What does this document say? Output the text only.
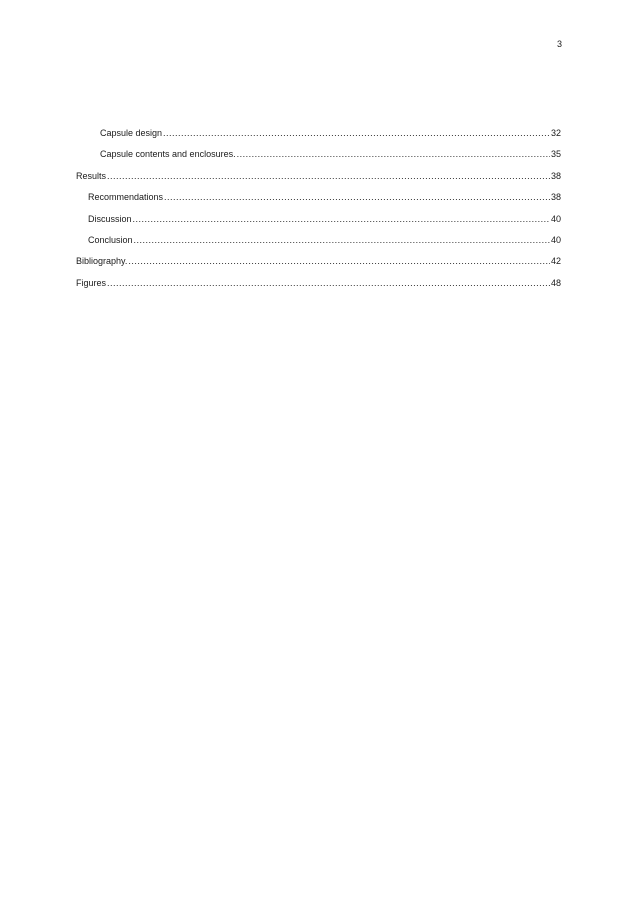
3
Capsule design .....	32
Capsule contents and enclosures. .....	35
Results .....	38
Recommendations .....	38
Discussion .....	40
Conclusion .....	40
Bibliography. .....	42
Figures .....	48
